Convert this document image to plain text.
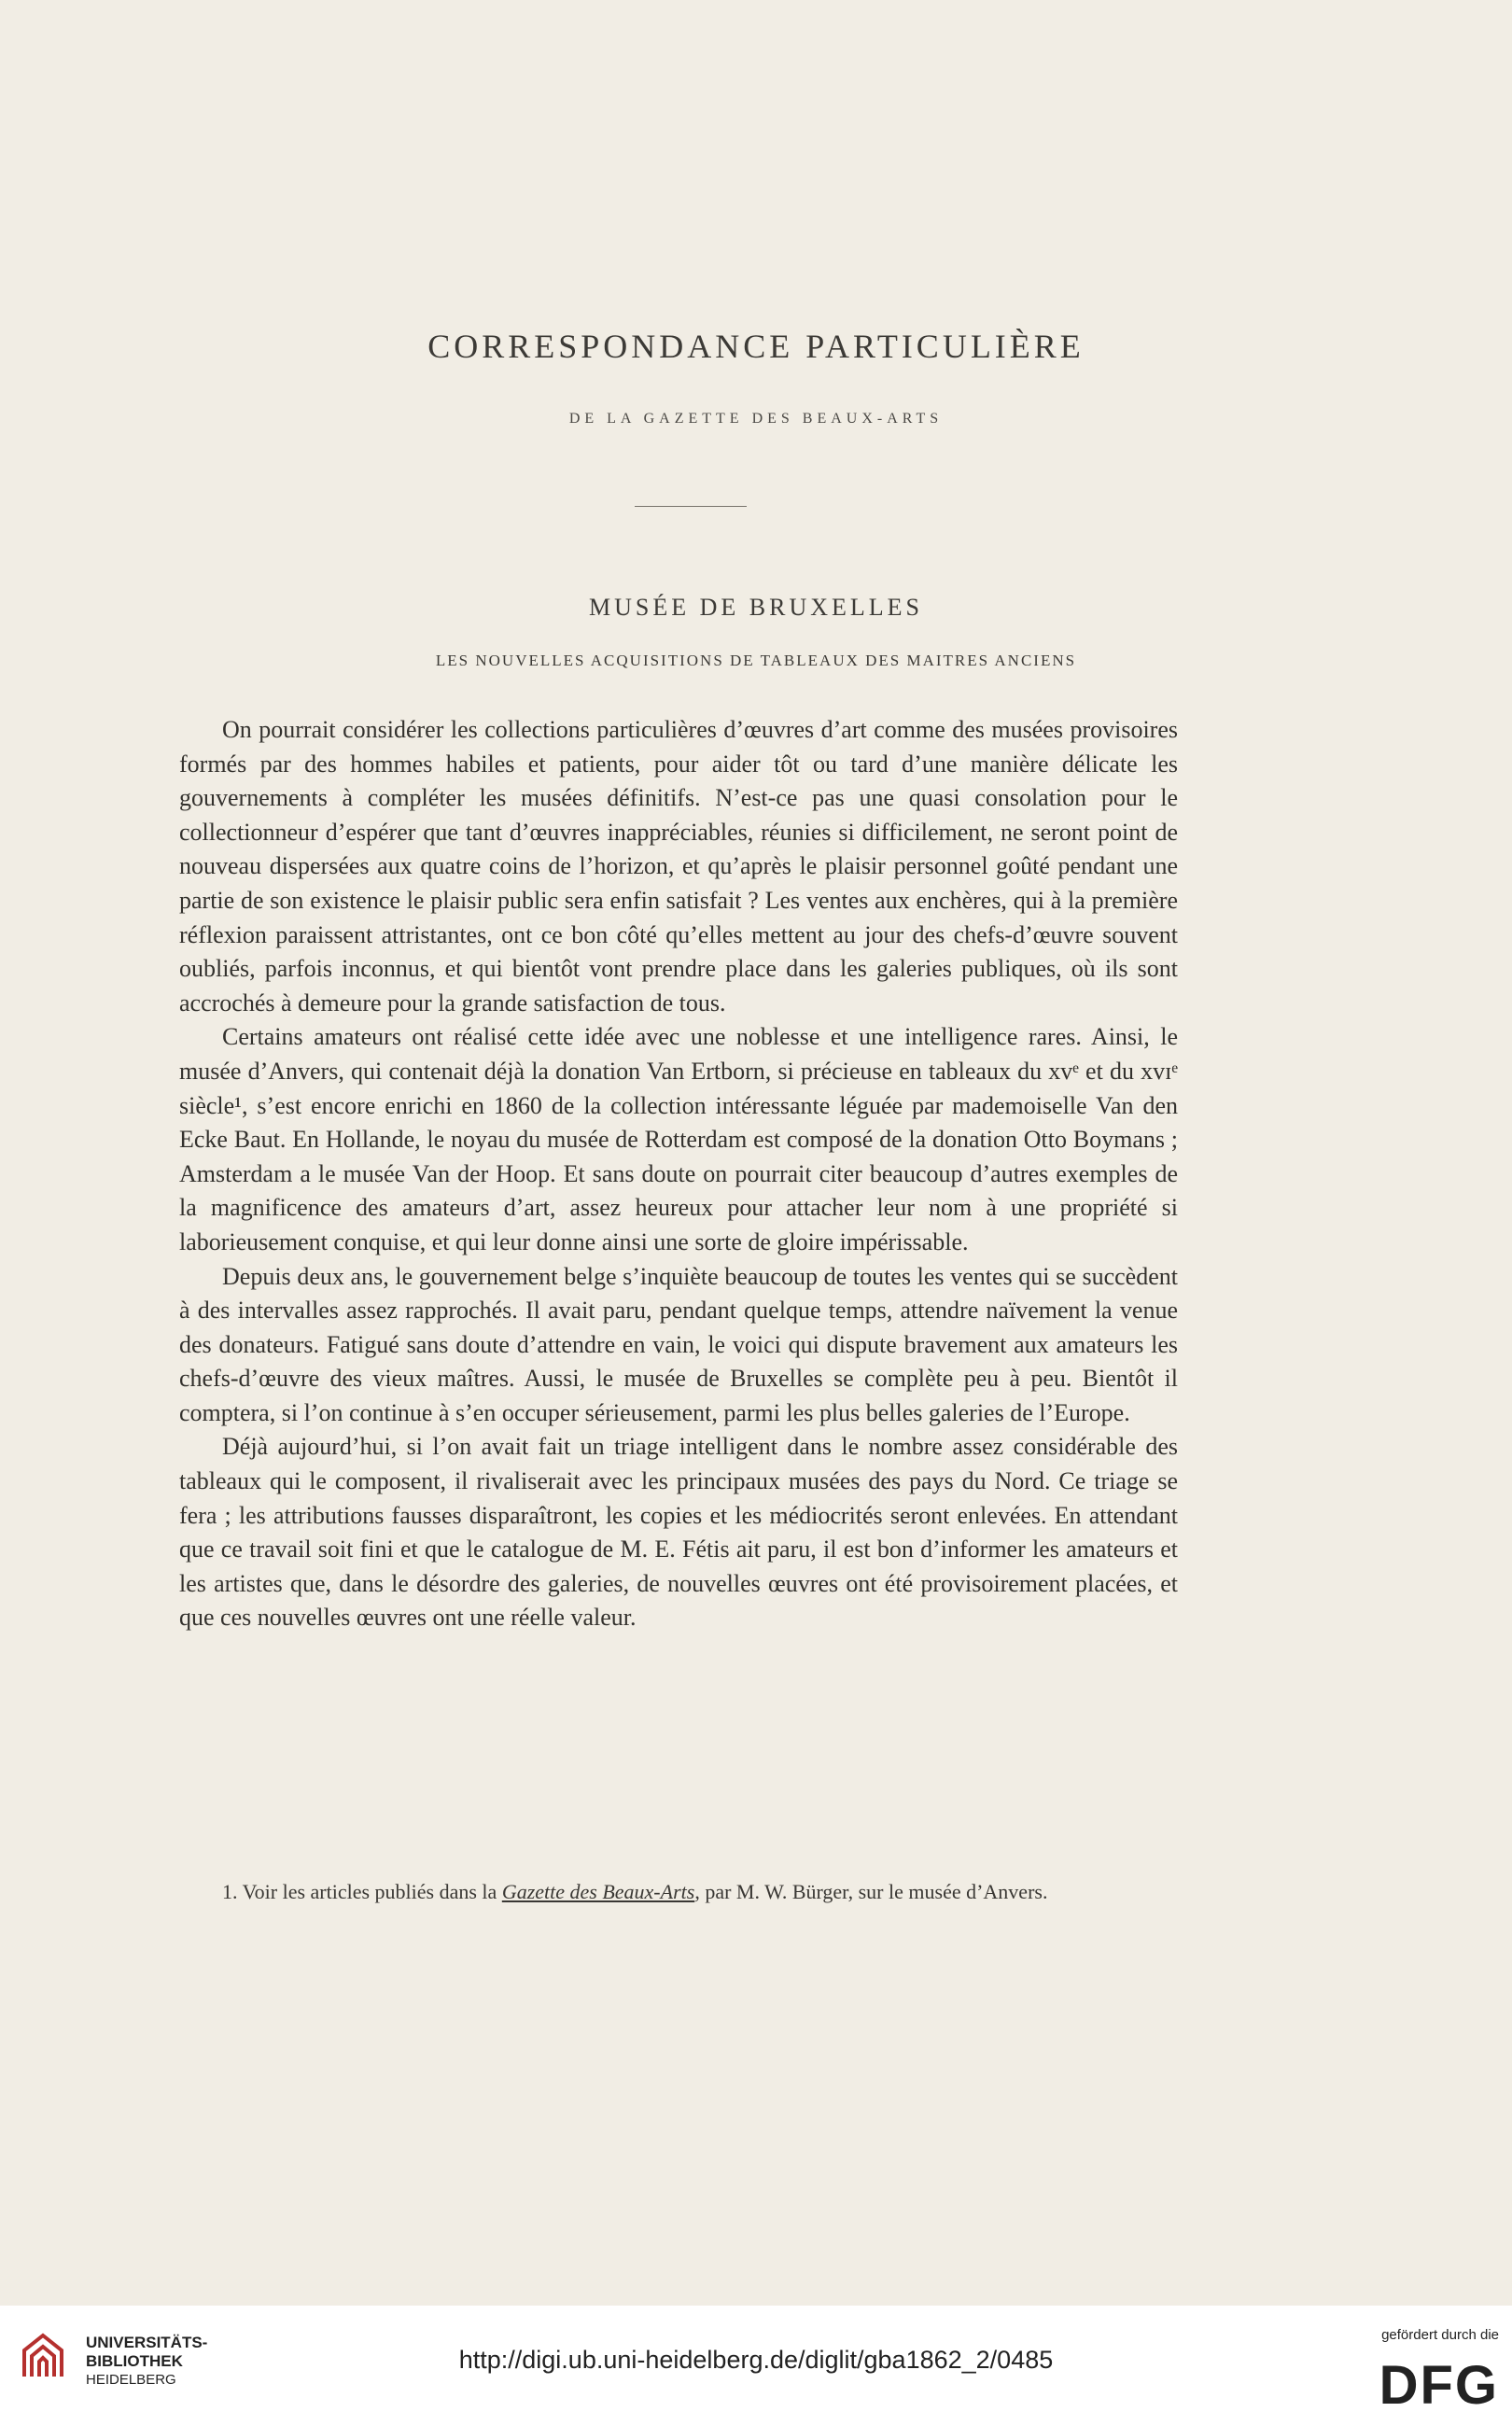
CORRESPONDANCE PARTICULIÈRE
DE LA GAZETTE DES BEAUX-ARTS
MUSÉE DE BRUXELLES
LES NOUVELLES ACQUISITIONS DE TABLEAUX DES MAITRES ANCIENS

On pourrait considérer les collections particulières d’œuvres d’art comme des musées provisoires formés par des hommes habiles et patients, pour aider tôt ou tard d’une manière délicate les gouvernements à compléter les musées définitifs. N’est-ce pas une quasi consolation pour le collectionneur d’espérer que tant d’œuvres inappréciables, réunies si difficilement, ne seront point de nouveau dispersées aux quatre coins de l’horizon, et qu’après le plaisir personnel goûté pendant une partie de son existence le plaisir public sera enfin satisfait ? Les ventes aux enchères, qui à la première réflexion paraissent attristantes, ont ce bon côté qu’elles mettent au jour des chefs-d’œuvre souvent oubliés, parfois inconnus, et qui bientôt vont prendre place dans les galeries publiques, où ils sont accrochés à demeure pour la grande satisfaction de tous.

Certains amateurs ont réalisé cette idée avec une noblesse et une intelligence rares. Ainsi, le musée d’Anvers, qui contenait déjà la donation Van Ertborn, si précieuse en tableaux du xvᵉ et du xvɪᵉ siècle¹, s’est encore enrichi en 1860 de la collection intéressante léguée par mademoiselle Van den Ecke Baut. En Hollande, le noyau du musée de Rotterdam est composé de la donation Otto Boymans ; Amsterdam a le musée Van der Hoop. Et sans doute on pourrait citer beaucoup d’autres exemples de la magnificence des amateurs d’art, assez heureux pour attacher leur nom à une propriété si laborieusement conquise, et qui leur donne ainsi une sorte de gloire impérissable.

Depuis deux ans, le gouvernement belge s’inquiète beaucoup de toutes les ventes qui se succèdent à des intervalles assez rapprochés. Il avait paru, pendant quelque temps, attendre naïvement la venue des donateurs. Fatigué sans doute d’attendre en vain, le voici qui dispute bravement aux amateurs les chefs-d’œuvre des vieux maîtres. Aussi, le musée de Bruxelles se complète peu à peu. Bientôt il comptera, si l’on continue à s’en occuper sérieusement, parmi les plus belles galeries de l’Europe.

Déjà aujourd’hui, si l’on avait fait un triage intelligent dans le nombre assez considérable des tableaux qui le composent, il rivaliserait avec les principaux musées des pays du Nord. Ce triage se fera ; les attributions fausses disparaîtront, les copies et les médiocrités seront enlevées. En attendant que ce travail soit fini et que le catalogue de M. E. Fétis ait paru, il est bon d’informer les amateurs et les artistes que, dans le désordre des galeries, de nouvelles œuvres ont été provisoirement placées, et que ces nouvelles œuvres ont une réelle valeur.

1. Voir les articles publiés dans la Gazette des Beaux-Arts, par M. W. Bürger, sur le musée d’Anvers.
UNIVERSITÄTS-
BIBLIOTHEK
HEIDELBERG
http://digi.ub.uni-heidelberg.de/diglit/gba1862_2/0485
gefördert durch die
DFG
